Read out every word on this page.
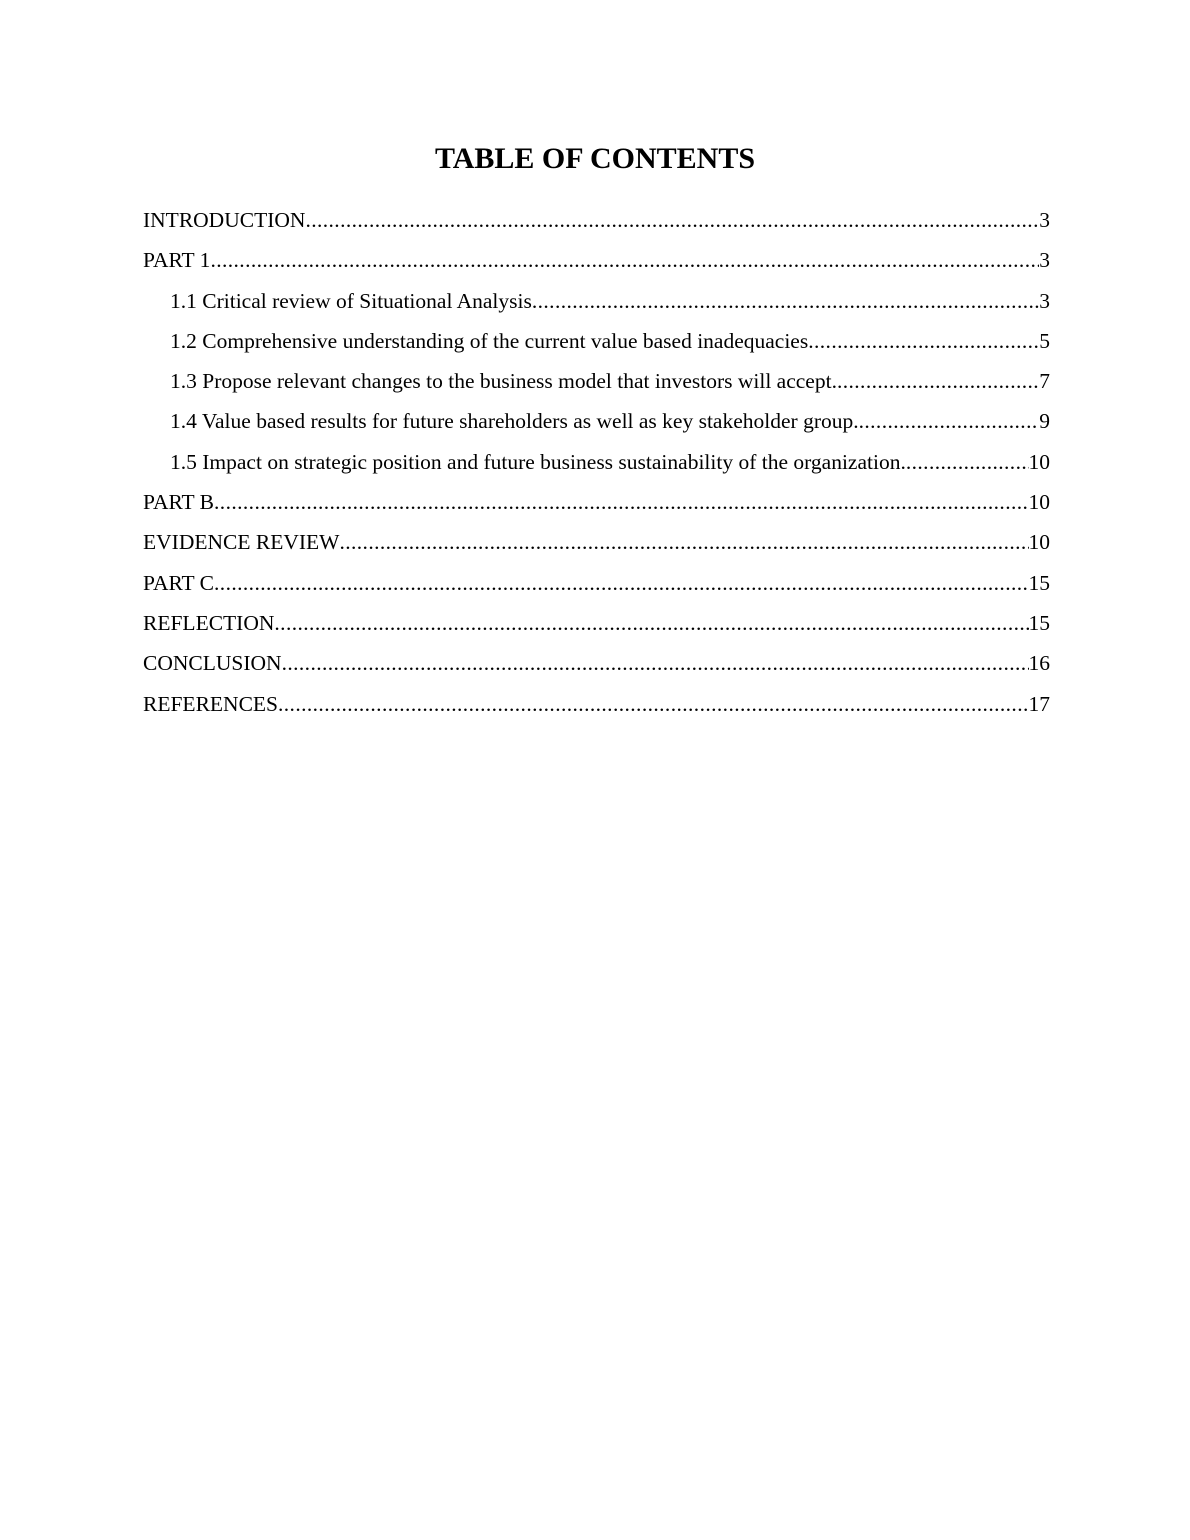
TABLE OF CONTENTS
INTRODUCTION .....	3
PART 1 .....	3
1.1 Critical review of Situational Analysis .....	3
1.2 Comprehensive understanding of the current value based inadequacies .....	5
1.3 Propose relevant changes to the business model that investors will accept. .....	7
1.4 Value based results for future shareholders as well as key stakeholder group. .....	9
1.5 Impact on strategic position and future business sustainability of the organization. .....	10
PART B .....	10
EVIDENCE REVIEW .....	10
PART C .....	15
REFLECTION .....	15
CONCLUSION .....	16
REFERENCES .....	17
